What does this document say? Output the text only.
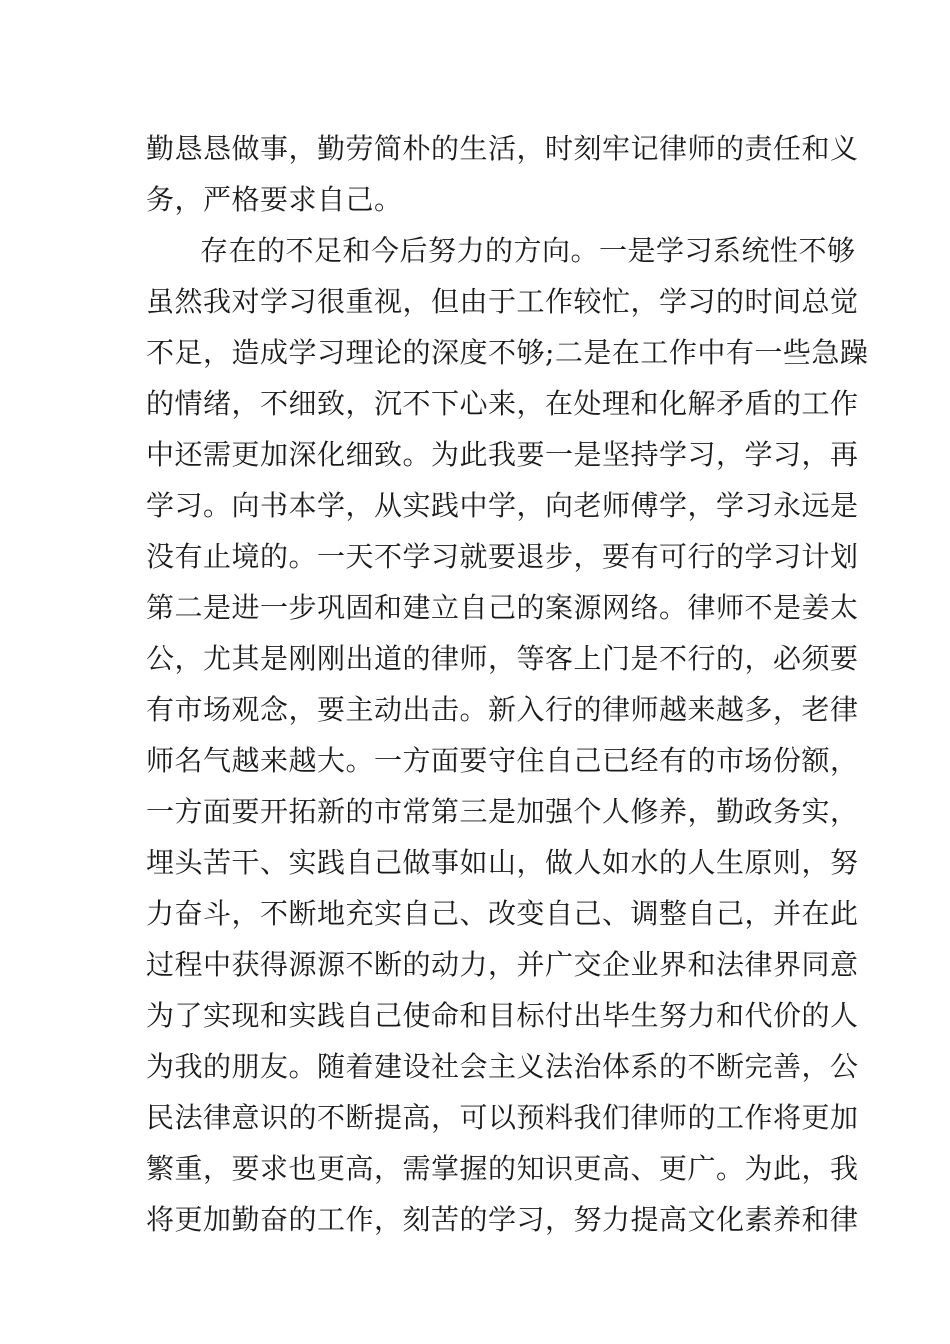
勤恳恳做事，勤劳简朴的生活，时刻牢记律师的责任和义
务，严格要求自己。
存在的不足和今后努力的方向。一是学习系统性不够
虽然我对学习很重视，但由于工作较忙，学习的时间总觉
不足，造成学习理论的深度不够;二是在工作中有一些急躁
的情绪，不细致，沉不下心来，在处理和化解矛盾的工作
中还需更加深化细致。为此我要一是坚持学习，学习，再
学习。向书本学，从实践中学，向老师傅学，学习永远是
没有止境的。一天不学习就要退步，要有可行的学习计划
第二是进一步巩固和建立自己的案源网络。律师不是姜太
公，尤其是刚刚出道的律师，等客上门是不行的，必须要
有市场观念，要主动出击。新入行的律师越来越多，老律
师名气越来越大。一方面要守住自己已经有的市场份额，
一方面要开拓新的市常第三是加强个人修养，勤政务实，
埋头苦干、实践自己做事如山，做人如水的人生原则，努
力奋斗，不断地充实自己、改变自己、调整自己，并在此
过程中获得源源不断的动力，并广交企业界和法律界同意
为了实现和实践自己使命和目标付出毕生努力和代价的人
为我的朋友。随着建设社会主义法治体系的不断完善，公
民法律意识的不断提高，可以预料我们律师的工作将更加
繁重，要求也更高，需掌握的知识更高、更广。为此，我
将更加勤奋的工作，刻苦的学习，努力提高文化素养和律
